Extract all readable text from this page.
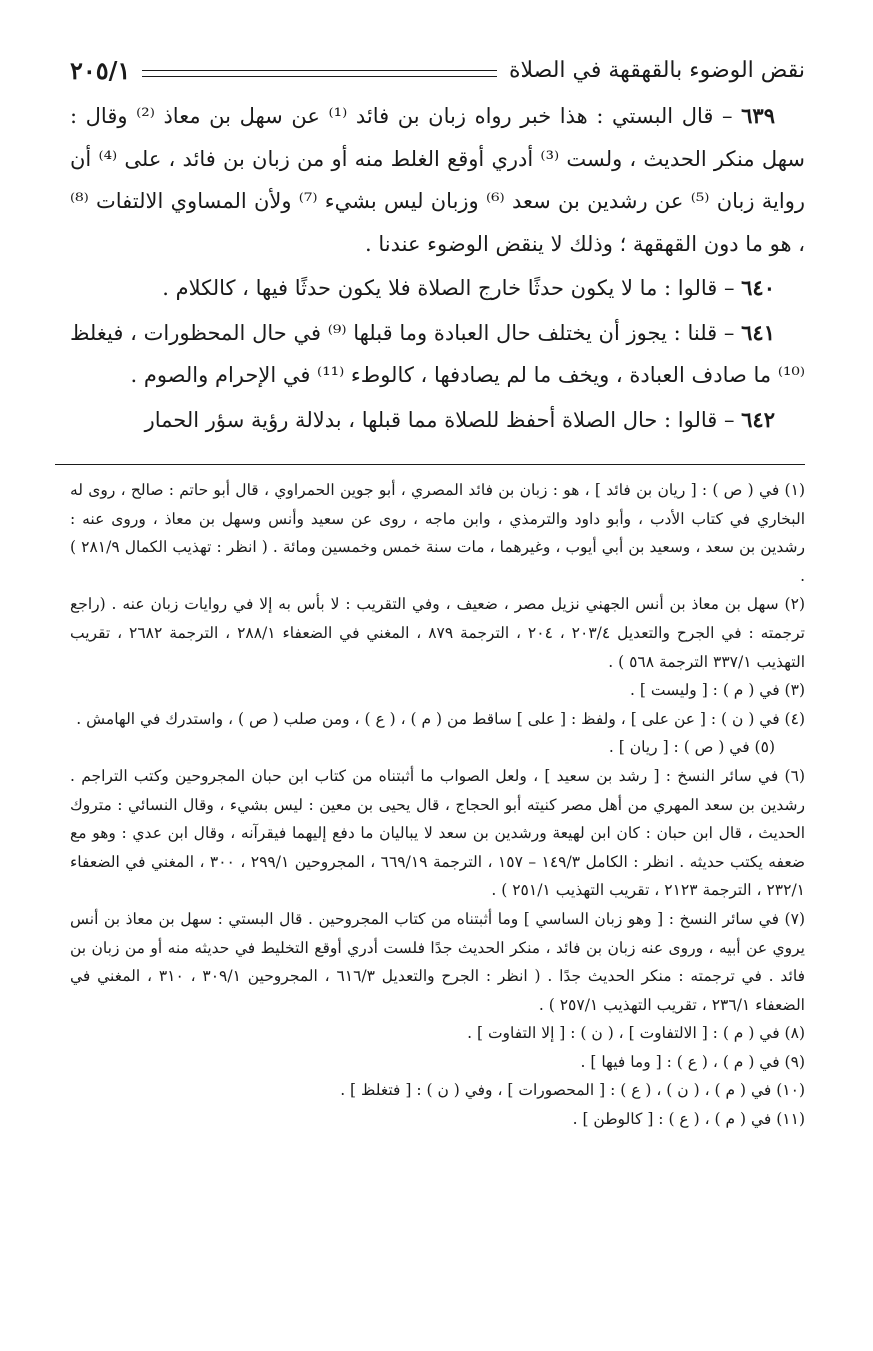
نقض الوضوء بالقهقهة في الصلاة
٢٠٥/١

٦٣٩ – قال البستي : هذا خبر رواه زبان بن فائد ⁽¹⁾ عن سهل بن معاذ ⁽²⁾ وقال : سهل منكر الحديث ، ولست ⁽³⁾ أدري أوقع الغلط منه أو من زبان بن فائد ، على ⁽⁴⁾ أن رواية زبان ⁽⁵⁾ عن رشدين بن سعد ⁽⁶⁾ وزبان ليس بشيء ⁽⁷⁾ ولأن المساوي الالتفات ⁽⁸⁾ ، هو ما دون القهقهة ؛ وذلك لا ينقض الوضوء عندنا .

٦٤٠ – قالوا : ما لا يكون حدثًا خارج الصلاة فلا يكون حدثًا فيها ، كالكلام .

٦٤١ – قلنا : يجوز أن يختلف حال العبادة وما قبلها ⁽⁹⁾ في حال المحظورات ، فيغلظ ⁽¹⁰⁾ ما صادف العبادة ، ويخف ما لم يصادفها ، كالوطء ⁽¹¹⁾ في الإحرام والصوم .

٦٤٢ – قالوا : حال الصلاة أحفظ للصلاة مما قبلها ، بدلالة رؤية سؤر الحمار

(١) في ( ص ) : [ ريان بن فائد ] ، هو : زبان بن فائد المصري ، أبو جوين الحمراوي ، قال أبو حاتم : صالح ، روى له البخاري في كتاب الأدب ، وأبو داود والترمذي ، وابن ماجه ، روى عن سعيد وأنس وسهل بن معاذ ، وروى عنه : رشدين بن سعد ، وسعيد بن أبي أيوب ، وغيرهما ، مات سنة خمس وخمسين ومائة . ( انظر : تهذيب الكمال ٢٨١/٩ ) .

(٢) سهل بن معاذ بن أنس الجهني نزيل مصر ، ضعيف ، وفي التقريب : لا بأس به إلا في روايات زبان عنه . (راجع ترجمته : في الجرح والتعديل ٢٠٣/٤ ، ٢٠٤ ، الترجمة ٨٧٩ ، المغني في الضعفاء ٢٨٨/١ ، الترجمة ٢٦٨٢ ، تقريب التهذيب ٣٣٧/١ الترجمة ٥٦٨ ) .

(٣) في ( م ) : [ وليست ] .

(٤) في ( ن ) : [ عن على ] ، ولفظ : [ على ] ساقط من ( م ) ، ( ع ) ، ومن صلب ( ص ) ، واستدرك في الهامش .

(٥) في ( ص ) : [ ريان ] .

(٦) في سائر النسخ : [ رشد بن سعيد ] ، ولعل الصواب ما أثبتناه من كتاب ابن حبان المجروحين وكتب التراجم . رشدين بن سعد المهري من أهل مصر كنيته أبو الحجاج ، قال يحيى بن معين : ليس بشيء ، وقال النسائي : متروك الحديث ، قال ابن حبان : كان ابن لهيعة ورشدين بن سعد لا يباليان ما دفع إليهما فيقرآنه ، وقال ابن عدي : وهو مع ضعفه يكتب حديثه . انظر : الكامل ١٤٩/٣ – ١٥٧ ، الترجمة ٦٦٩/١٩ ، المجروحين ٢٩٩/١ ، ٣٠٠ ، المغني في الضعفاء ٢٣٢/١ ، الترجمة ٢١٢٣ ، تقريب التهذيب ٢٥١/١ ) .

(٧) في سائر النسخ : [ وهو زبان الساسي ] وما أثبتناه من كتاب المجروحين . قال البستي : سهل بن معاذ بن أنس يروي عن أبيه ، وروى عنه زبان بن فائد ، منكر الحديث جدًا فلست أدري أوقع التخليط في حديثه منه أو من زبان بن فائد . في ترجمته : منكر الحديث جدًا . ( انظر : الجرح والتعديل ٦١٦/٣ ، المجروحين ٣٠٩/١ ، ٣١٠ ، المغني في الضعفاء ٢٣٦/١ ، تقريب التهذيب ٢٥٧/١ ) .

(٨) في ( م ) : [ الالتفاوت ] ، ( ن ) : [ إلا التفاوت ] .

(٩) في ( م ) ، ( ع ) : [ وما فيها ] .

(١٠) في ( م ) ، ( ن ) ، ( ع ) : [ المحصورات ] ، وفي ( ن ) : [ فتغلظ ] .

(١١) في ( م ) ، ( ع ) : [ كالوطن ] .
